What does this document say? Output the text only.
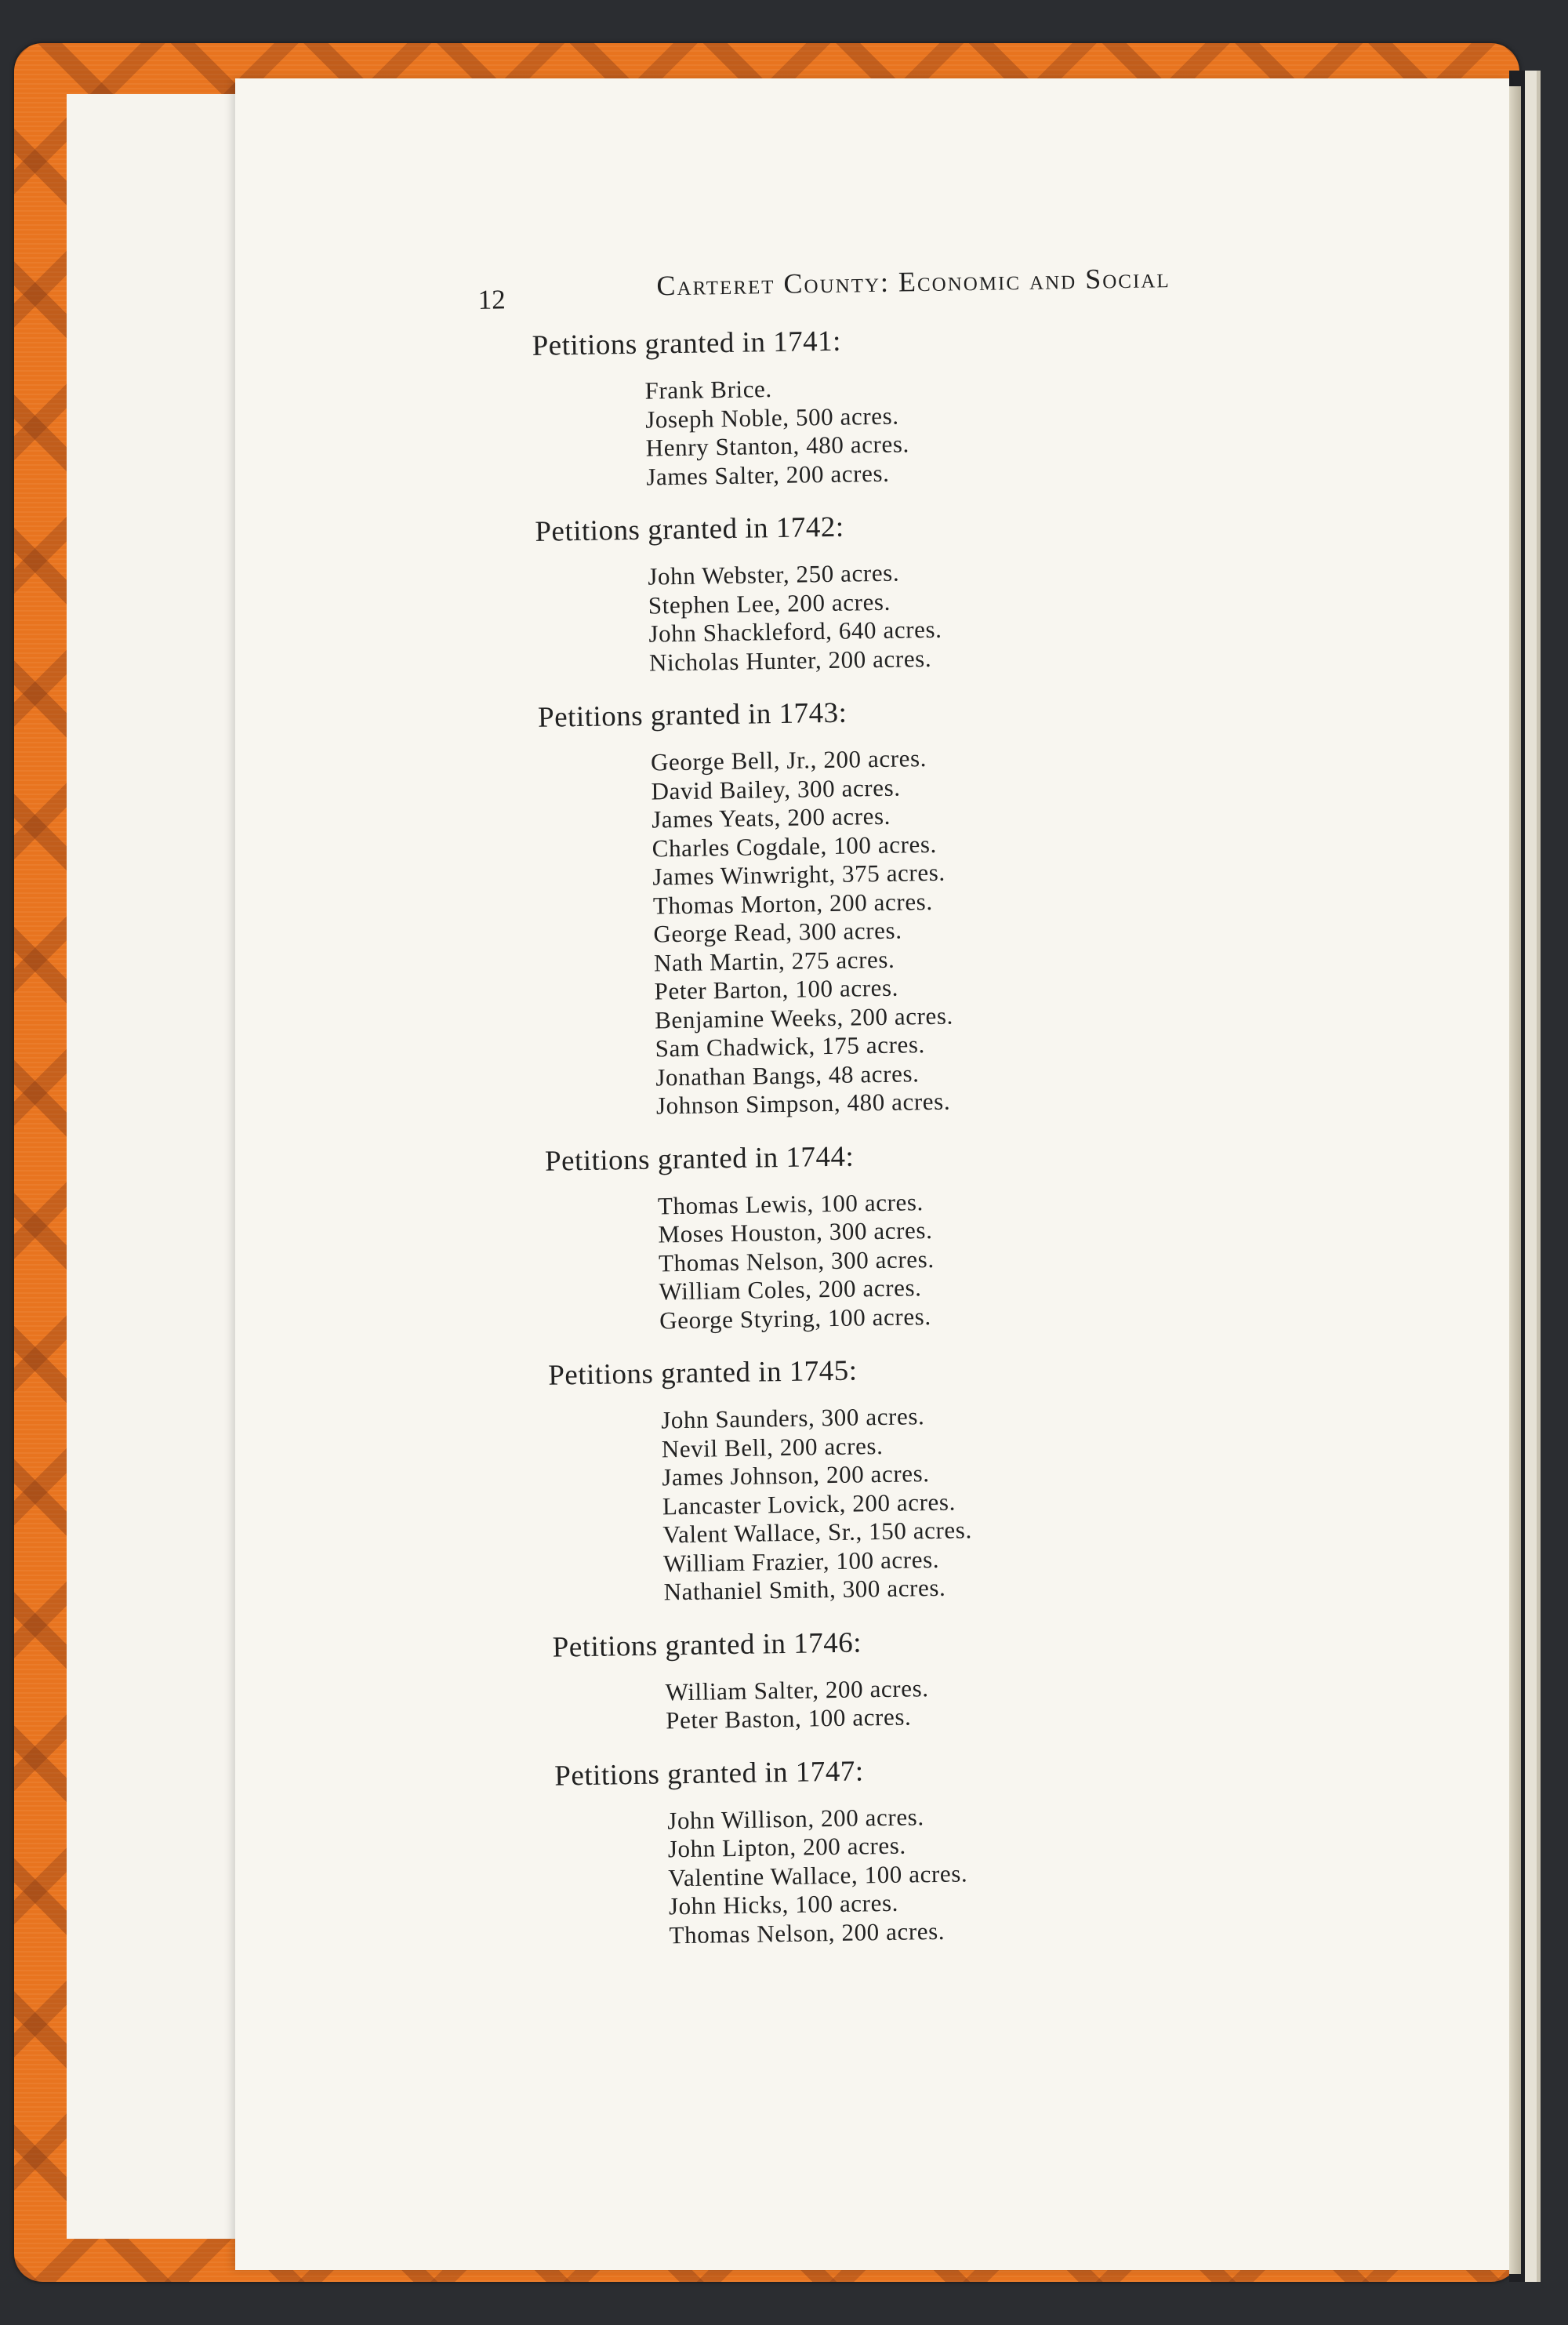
12	Carteret County: Economic and Social
Petitions granted in 1741:
Frank Brice.
Joseph Noble, 500 acres.
Henry Stanton, 480 acres.
James Salter, 200 acres.
Petitions granted in 1742:
John Webster, 250 acres.
Stephen Lee, 200 acres.
John Shackleford, 640 acres.
Nicholas Hunter, 200 acres.
Petitions granted in 1743:
George Bell, Jr., 200 acres.
David Bailey, 300 acres.
James Yeats, 200 acres.
Charles Cogdale, 100 acres.
James Winwright, 375 acres.
Thomas Morton, 200 acres.
George Read, 300 acres.
Nath Martin, 275 acres.
Peter Barton, 100 acres.
Benjamine Weeks, 200 acres.
Sam Chadwick, 175 acres.
Jonathan Bangs, 48 acres.
Johnson Simpson, 480 acres.
Petitions granted in 1744:
Thomas Lewis, 100 acres.
Moses Houston, 300 acres.
Thomas Nelson, 300 acres.
William Coles, 200 acres.
George Styring, 100 acres.
Petitions granted in 1745:
John Saunders, 300 acres.
Nevil Bell, 200 acres.
James Johnson, 200 acres.
Lancaster Lovick, 200 acres.
Valent Wallace, Sr., 150 acres.
William Frazier, 100 acres.
Nathaniel Smith, 300 acres.
Petitions granted in 1746:
William Salter, 200 acres.
Peter Baston, 100 acres.
Petitions granted in 1747:
John Willison, 200 acres.
John Lipton, 200 acres.
Valentine Wallace, 100 acres.
John Hicks, 100 acres.
Thomas Nelson, 200 acres.
